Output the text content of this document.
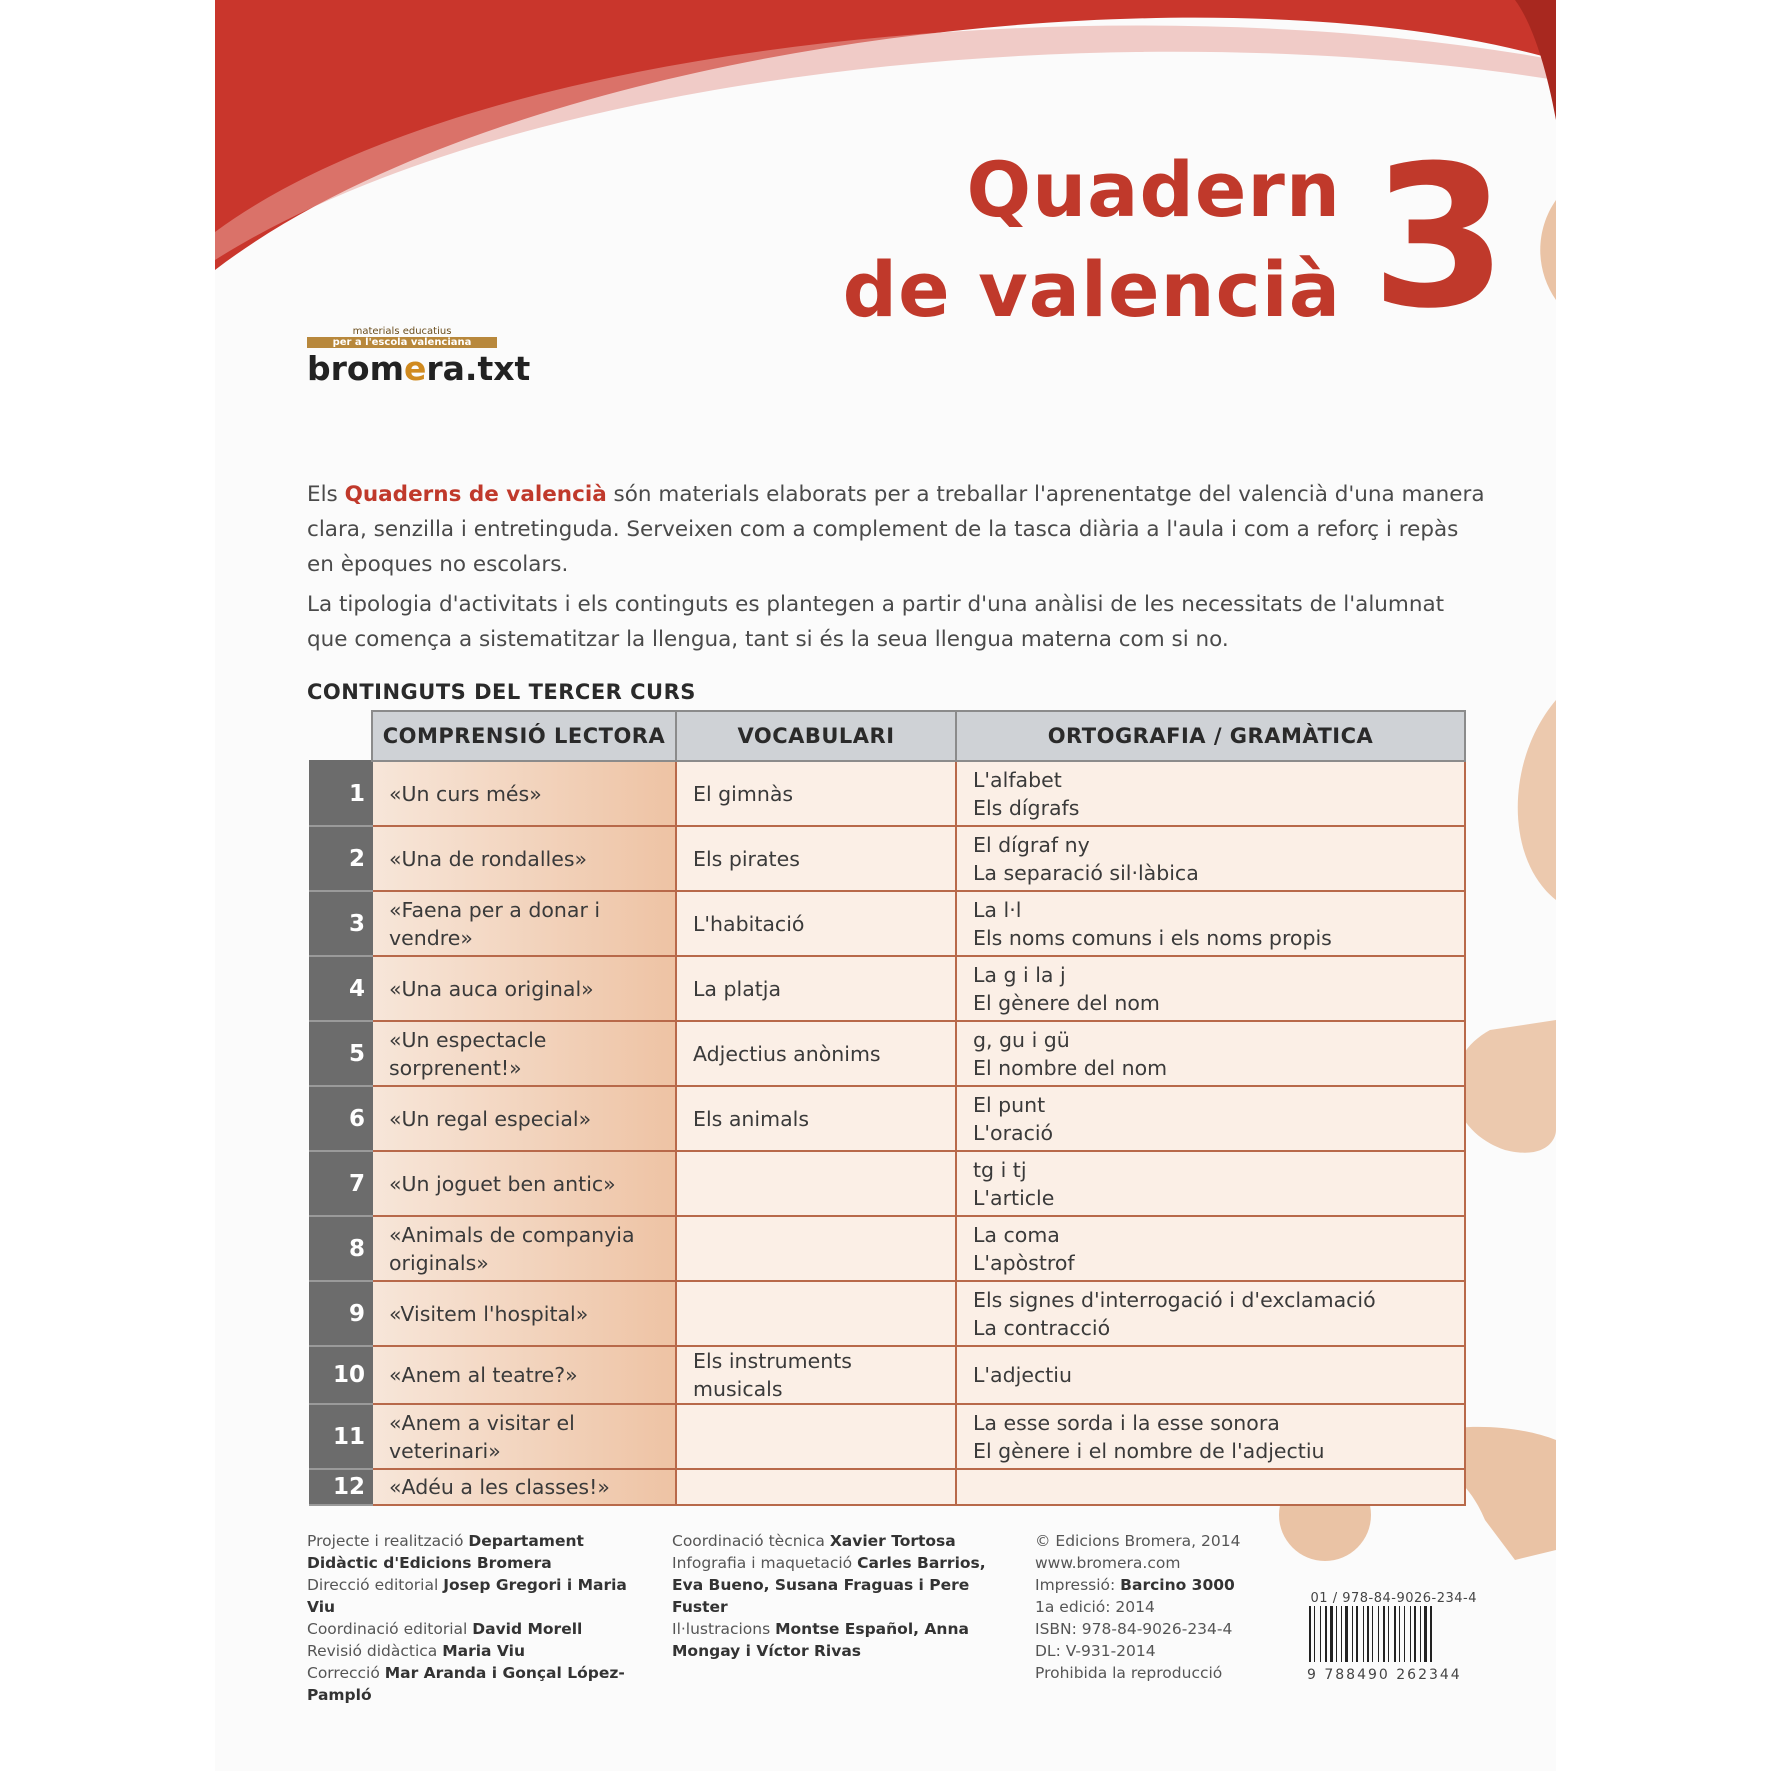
Quadern
de valencià 3
materials educatius
per a l'escola valenciana
bromera.txt

Els Quaderns de valencià són materials elaborats per a treballar l'aprenentatge del valencià d'una manera clara, senzilla i entretinguda. Serveixen com a complement de la tasca diària a l'aula i com a reforç i repàs en èpoques no escolars.

La tipologia d'activitats i els continguts es plantegen a partir d'una anàlisi de les necessitats de l'alumnat que comença a sistematitzar la llengua, tant si és la seua llengua materna com si no.

CONTINGUTS DEL TERCER CURS
	COMPRENSIÓ LECTORA	VOCABULARI	ORTOGRAFIA / GRAMÀTICA
1	«Un curs més»	El gimnàs	L'alfabet
Els dígrafs

2	«Una de rondalles»	Els pirates	El dígraf ny
La separació sil·làbica

3	«Faena per a donar i vendre»	L'habitació	La l·l
Els noms comuns i els noms propis

4	«Una auca original»	La platja	La g i la j
El gènere del nom

5	«Un espectacle sorprenent!»	Adjectius anònims	g, gu i gü
El nombre del nom

6	«Un regal especial»	Els animals	El punt
L'oració

7	«Un joguet ben antic»		tg i tj
L'article

8	«Animals de companyia originals»		La coma
L'apòstrof

9	«Visitem l'hospital»		Els signes d'interrogació i d'exclamació
La contracció

10	«Anem al teatre?»	Els instruments musicals	L'adjectiu

11	«Anem a visitar el veterinari»		La esse sorda i la esse sonora
El gènere i el nombre de l'adjectiu

12	«Adéu a les classes!»		
Projecte i realització Departament Didàctic d'Edicions Bromera
Direcció editorial Josep Gregori i Maria Viu
Coordinació editorial David Morell
Revisió didàctica Maria Viu
Correcció Mar Aranda i Gonçal López-Pampló
Coordinació tècnica Xavier Tortosa
Infografia i maquetació Carles Barrios, Eva Bueno, Susana Fraguas i Pere Fuster
Il·lustracions Montse Español, Anna Mongay i Víctor Rivas
© Edicions Bromera, 2014
www.bromera.com
Impressió: Barcino 3000
1a edició: 2014
ISBN: 978-84-9026-234-4
DL: V-931-2014
Prohibida la reproducció
01 / 978-84-9026-234-4
9 788490 262344
